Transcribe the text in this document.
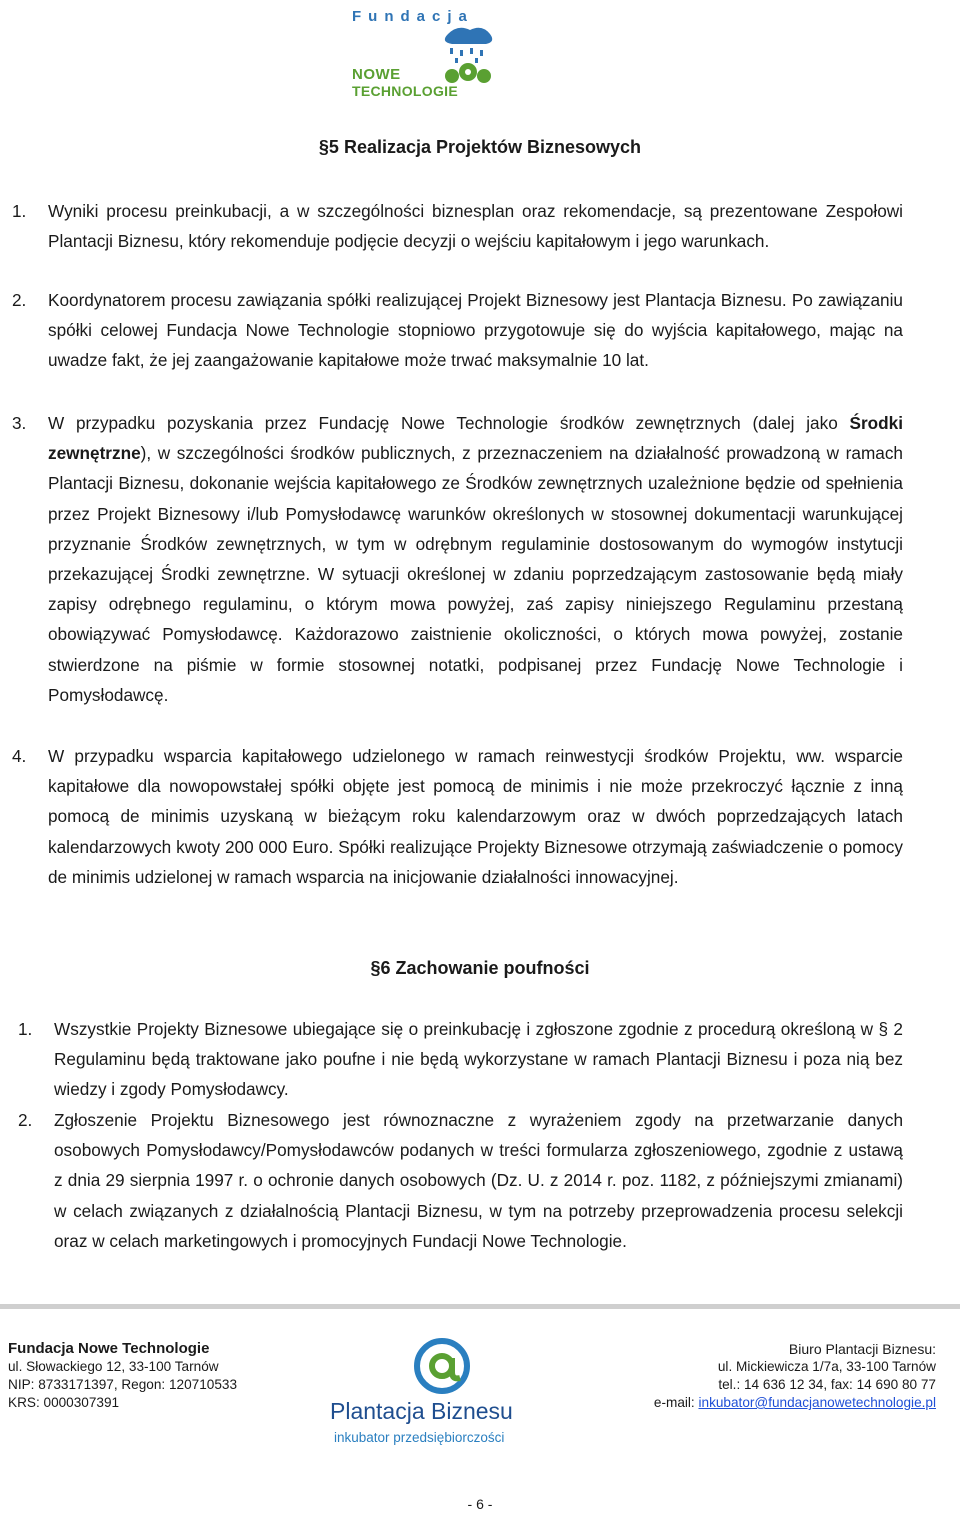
Fundacja
NOWE
TECHNOLOGIE
§5 Realizacja Projektów Biznesowych
1. Wyniki procesu preinkubacji, a w szczególności biznesplan oraz rekomendacje, są prezentowane Zespołowi Plantacji Biznesu, który rekomenduje podjęcie decyzji o wejściu kapitałowym i jego warunkach.
2. Koordynatorem procesu zawiązania spółki realizującej Projekt Biznesowy jest Plantacja Biznesu. Po zawiązaniu spółki celowej Fundacja Nowe Technologie stopniowo przygotowuje się do wyjścia kapitałowego, mając na uwadze fakt, że jej zaangażowanie kapitałowe może trwać maksymalnie 10 lat.
3. W przypadku pozyskania przez Fundację Nowe Technologie środków zewnętrznych (dalej jako Środki zewnętrzne), w szczególności środków publicznych, z przeznaczeniem na działalność prowadzoną w ramach Plantacji Biznesu, dokonanie wejścia kapitałowego ze Środków zewnętrznych uzależnione będzie od spełnienia przez Projekt Biznesowy i/lub Pomysłodawcę warunków określonych w stosownej dokumentacji warunkującej przyznanie Środków zewnętrznych, w tym w odrębnym regulaminie dostosowanym do wymogów instytucji przekazującej Środki zewnętrzne. W sytuacji określonej w zdaniu poprzedzającym zastosowanie będą miały zapisy odrębnego regulaminu, o którym mowa powyżej, zaś zapisy niniejszego Regulaminu przestaną obowiązywać Pomysłodawcę. Każdorazowo zaistnienie okoliczności, o których mowa powyżej, zostanie stwierdzone na piśmie w formie stosownej notatki, podpisanej przez Fundację Nowe Technologie i Pomysłodawcę.
4. W przypadku wsparcia kapitałowego udzielonego w ramach reinwestycji środków Projektu, ww. wsparcie kapitałowe dla nowopowstałej spółki objęte jest pomocą de minimis i nie może przekroczyć łącznie z inną pomocą de minimis uzyskaną w bieżącym roku kalendarzowym oraz w dwóch poprzedzających latach kalendarzowych kwoty 200 000 Euro. Spółki realizujące Projekty Biznesowe otrzymają zaświadczenie o pomocy de minimis udzielonej w ramach wsparcia na inicjowanie działalności innowacyjnej.
§6 Zachowanie poufności
1. Wszystkie Projekty Biznesowe ubiegające się o preinkubację i zgłoszone zgodnie z procedurą określoną w § 2 Regulaminu będą traktowane jako poufne i nie będą wykorzystane w ramach Plantacji Biznesu i poza nią bez wiedzy i zgody Pomysłodawcy.
2. Zgłoszenie Projektu Biznesowego jest równoznaczne z wyrażeniem zgody na przetwarzanie danych osobowych Pomysłodawcy/Pomysłodawców podanych w treści formularza zgłoszeniowego, zgodnie z ustawą z dnia 29 sierpnia 1997 r. o ochronie danych osobowych (Dz. U. z 2014 r. poz. 1182, z późniejszymi zmianami) w celach związanych z działalnością Plantacji Biznesu, w tym na potrzeby przeprowadzenia procesu selekcji oraz w celach marketingowych i promocyjnych Fundacji Nowe Technologie.
Fundacja Nowe Technologie
ul. Słowackiego 12, 33-100 Tarnów
NIP: 8733171397, Regon: 120710533
KRS: 0000307391	Plantacja Biznesu
inkubator przedsiębiorczości
Biuro Plantacji Biznesu:
ul. Mickiewicza 1/7a, 33-100 Tarnów
tel.: 14 636 12 34, fax: 14 690 80 77
e-mail: inkubator@fundacjanowetechnologie.pl
- 6 -
